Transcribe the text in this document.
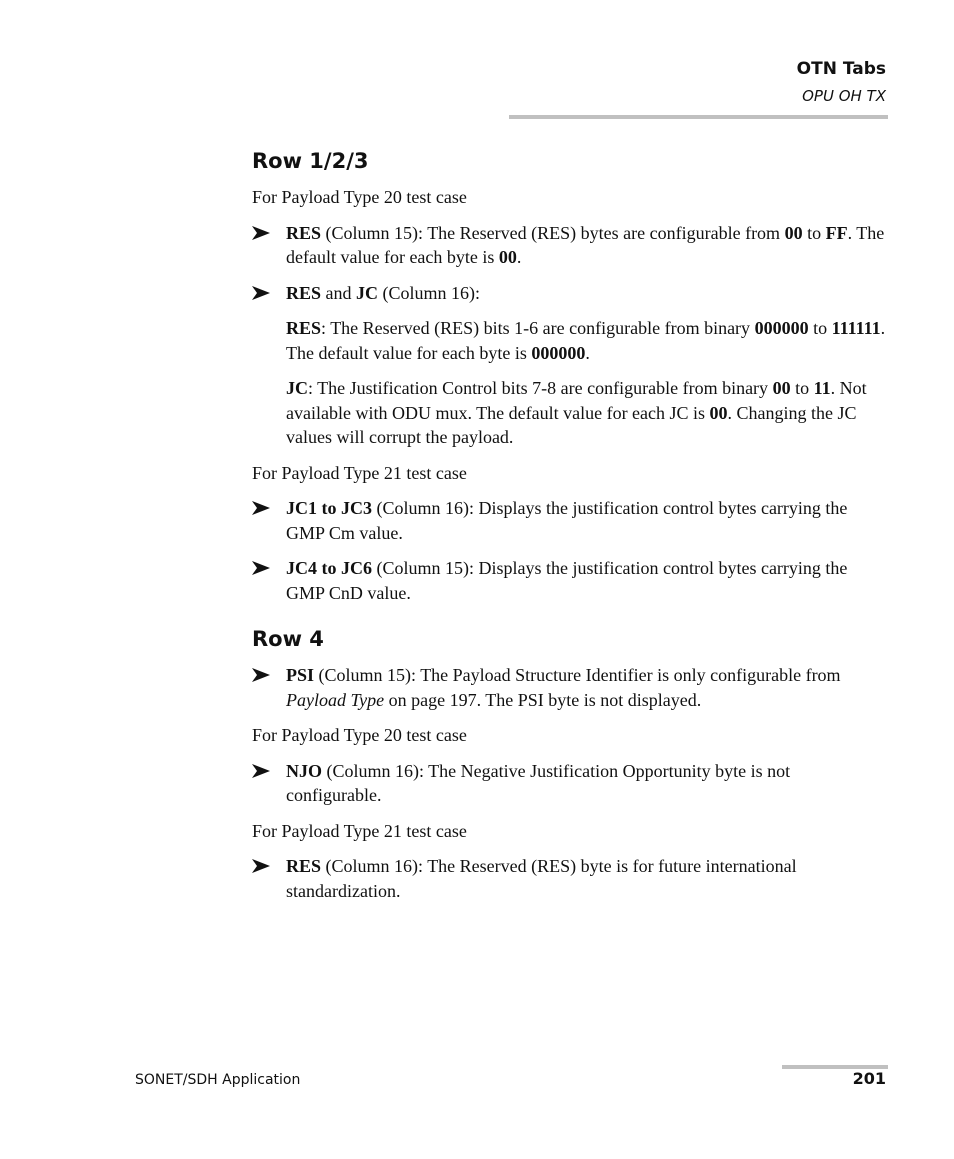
OTN Tabs
OPU OH TX
Row 1/2/3

For Payload Type 20 test case

RES (Column 15): The Reserved (RES) bytes are configurable from 00 to FF. The default value for each byte is 00.
RES and JC (Column 16):
RES: The Reserved (RES) bits 1-6 are configurable from binary 000000 to 111111. The default value for each byte is 000000.
JC: The Justification Control bits 7-8 are configurable from binary 00 to 11. Not available with ODU mux. The default value for each JC is 00. Changing the JC values will corrupt the payload.

For Payload Type 21 test case

JC1 to JC3 (Column 16): Displays the justification control bytes carrying the GMP Cm value.
JC4 to JC6 (Column 15): Displays the justification control bytes carrying the GMP CnD value.
Row 4
PSI (Column 15): The Payload Structure Identifier is only configurable from Payload Type on page 197. The PSI byte is not displayed.

For Payload Type 20 test case

NJO (Column 16): The Negative Justification Opportunity byte is not configurable.

For Payload Type 21 test case

RES (Column 16): The Reserved (RES) byte is for future international standardization.
SONET/SDH Application	201
